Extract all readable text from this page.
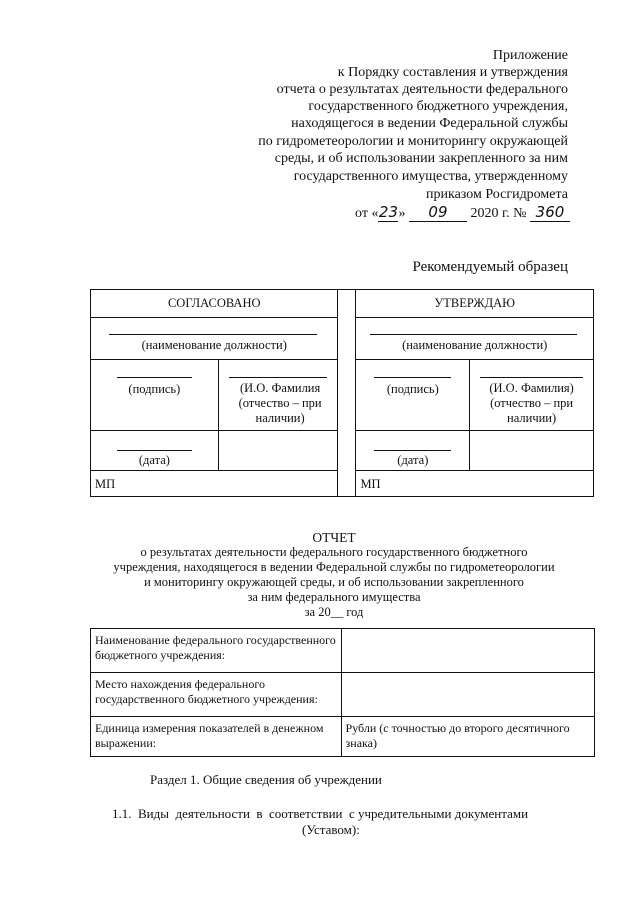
Приложение
к Порядку составления и утверждения
отчета о результатах деятельности федерального
государственного бюджетного учреждения,
находящегося в ведении Федеральной службы
по гидрометеорологии и мониторингу окружающей
среды, и об использовании закрепленного за ним
государственного имущества, утвержденному
приказом Росгидромета
от «23» 09 2020 г. № 360
Рекомендуемый образец
СОГЛАСОВАНО			УТВЕРЖДАЮ	

(наименование должности)			(наименование должности)	

(подпись)	(И.О. Фамилия (отчество – при наличии)		(подпись)	(И.О. Фамилия) (отчество – при наличии)

(дата)			(дата)	

МП			МП	
ОТЧЕТ
о результатах деятельности федерального государственного бюджетного
учреждения, находящегося в ведении Федеральной службы по гидрометеорологии
и мониторингу окружающей среды, и об использовании закрепленного
за ним федерального имущества
за 20__ год
Наименование федерального государственного бюджетного учреждения:	
Место нахождения федерального государственного бюджетного учреждения:	
Единица измерения показателей в денежном выражении:	Рубли (с точностью до второго десятичного знака)
Раздел 1. Общие сведения об учреждении
1.1.  Виды  деятельности  в  соответствии  с учредительными документами
(Уставом):
